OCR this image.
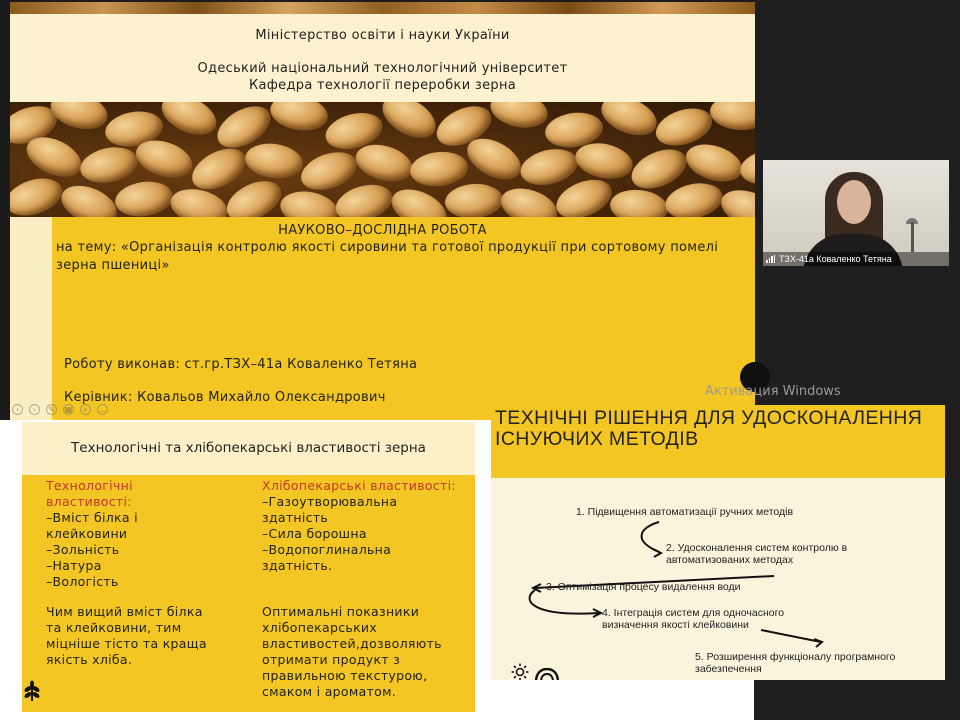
Міністерство освіти і науки України
Одеський національний технологічний університет
Кафедра технології переробки зерна
НАУКОВО–ДОСЛІДНА РОБОТА
на тему: «Організація контролю якості сировини та готової продукції при сортовому помелі
зерна пшениці»
Роботу виконав: ст.гр.ТЗХ–41а Коваленко Тетяна
Керівник: Ковальов Михайло Олександрович
‹	›	✎ ▦	⌕	…
Активация Windows
ТЗХ-41а Коваленко Тетяна
Технологічні та хлібопекарські властивості зерна
Технологічні
властивості:
–Вміст білка і
клейковини
–Зольність
–Натура
–Вологість
Чим вищий вміст білка
та клейковини, тим
міцніше тісто та краща
якість хліба.
Хлібопекарські властивості:
–Газоутворювальна
здатність
–Сила борошна
–Водопоглинальна
здатність.
Оптимальні показники
хлібопекарських
властивостей,дозволяють
отримати продукт з
правильною текстурою,
смаком і ароматом.
ТЕХНІЧНІ РІШЕННЯ ДЛЯ УДОСКОНАЛЕННЯ
ІСНУЮЧИХ МЕТОДІВ
1. Підвищення автоматизації ручних методів
2. Удосконалення систем контролю в
автоматизованих методах
3. Оптимізація процесу видалення води
4. Інтеграція систем для одночасного
визначення якості клейковини
5. Розширення функціоналу програмного
забезпечення
